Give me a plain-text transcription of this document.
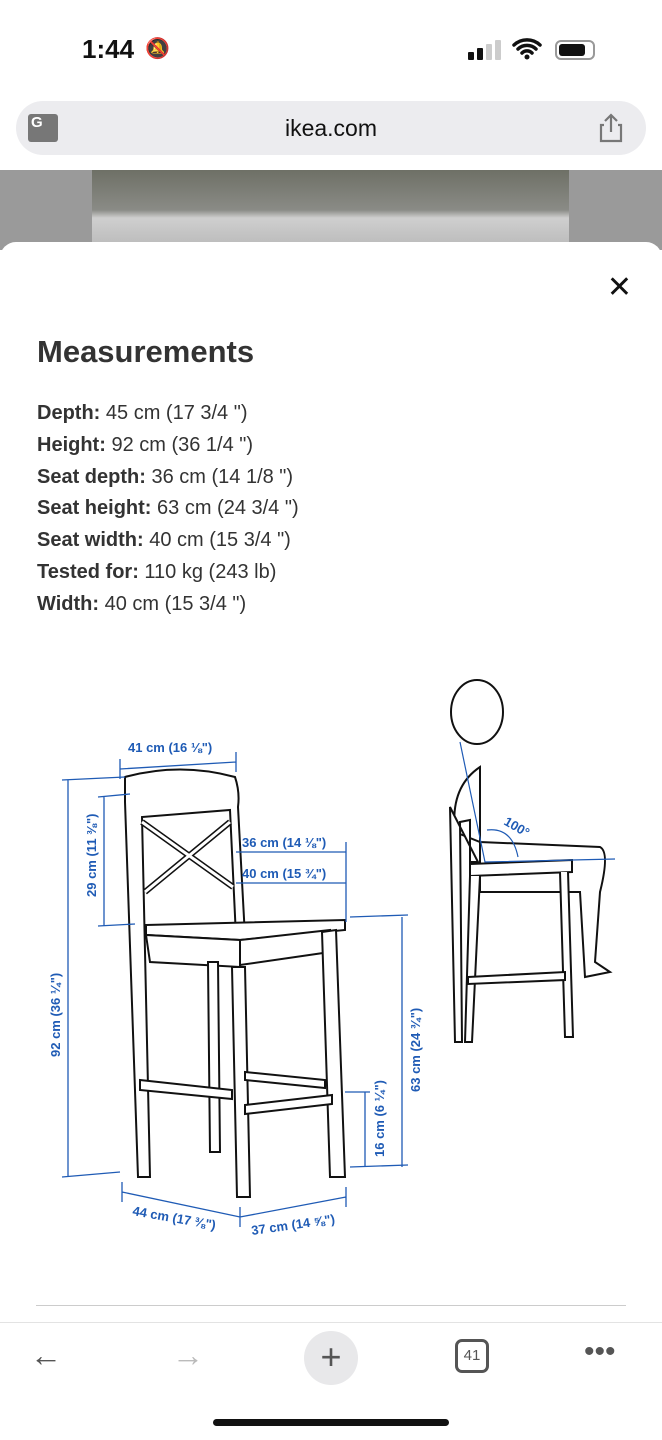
1:44 🔕
G	ikea.com
✕
Measurements
Depth: 45 cm (17 3/4 ")
Height: 92 cm (36 1/4 ")
Seat depth: 36 cm (14 1/8 ")
Seat height: 63 cm (24 3/4 ")
Seat width: 40 cm (15 3/4 ")
Tested for: 110 kg (243 lb)
Width: 40 cm (15 3/4 ")
41 cm (16 ⅛")
36 cm (14 ⅛")
40 cm (15 ¾")
29 cm (11 ⅜")
92 cm (36 ¼")	63 cm (24 ¾")
16 cm (6 ¼")
44 cm (17 ⅜")	37 cm (14 ⅝")
100°
←	→	+	41	•••
